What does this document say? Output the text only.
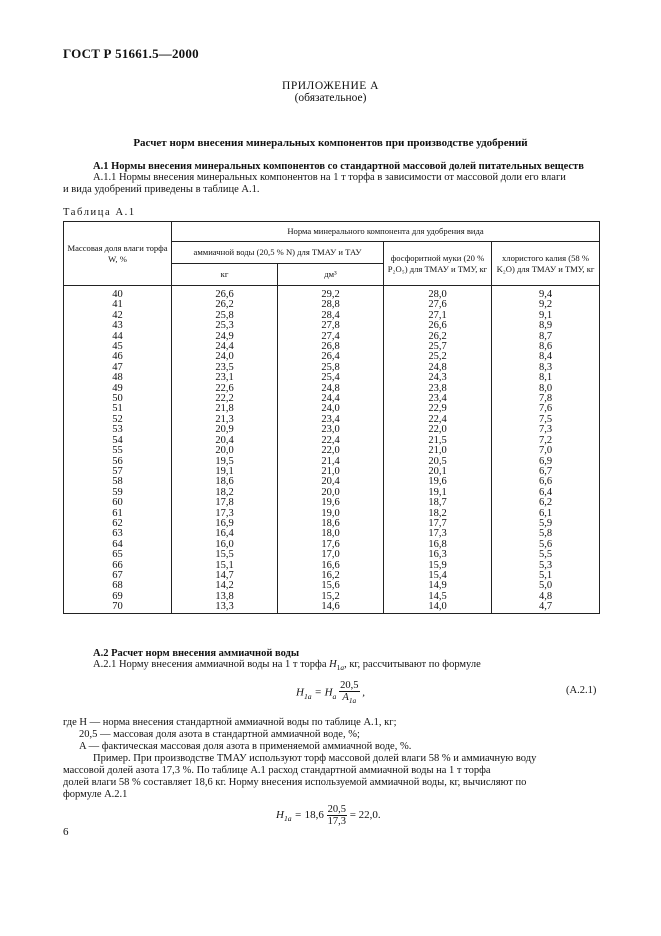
ГОСТ Р 51661.5—2000
ПРИЛОЖЕНИЕ А
(обязательное)
Расчет норм внесения минеральных компонентов при производстве удобрений
А.1 Нормы внесения минеральных компонентов со стандартной массовой долей питательных веществ
А.1.1 Нормы внесения минеральных компонентов на 1 т торфа в зависимости от массовой доли его влаги
и вида удобрений приведены в таблице А.1.
Таблица А.1
Массовая доля влаги торфа W, %	Норма минерального компонента для удобрения вида			
	аммиачной воды (20,5 % N) для ТМАУ и ТАУ		фосфоритной муки (20 % P₂O₅) для ТМАУ и ТМУ, кг	хлористого калия (58 % K₂O) для ТМАУ и ТМУ, кг
	кг	дм³		
40	26,6	29,2	28,0	9,4
41	26,2	28,8	27,6	9,2
42	25,8	28,4	27,1	9,1
43	25,3	27,8	26,6	8,9
44	24,9	27,4	26,2	8,7
45	24,4	26,8	25,7	8,6
46	24,0	26,4	25,2	8,4
47	23,5	25,8	24,8	8,3
48	23,1	25,4	24,3	8,1
49	22,6	24,8	23,8	8,0
50	22,2	24,4	23,4	7,8
51	21,8	24,0	22,9	7,6
52	21,3	23,4	22,4	7,5
53	20,9	23,0	22,0	7,3
54	20,4	22,4	21,5	7,2
55	20,0	22,0	21,0	7,0
56	19,5	21,4	20,5	6,9
57	19,1	21,0	20,1	6,7
58	18,6	20,4	19,6	6,6
59	18,2	20,0	19,1	6,4
60	17,8	19,6	18,7	6,2
61	17,3	19,0	18,2	6,1
62	16,9	18,6	17,7	5,9
63	16,4	18,0	17,3	5,8
64	16,0	17,6	16,8	5,6
65	15,5	17,0	16,3	5,5
66	15,1	16,6	15,9	5,3
67	14,7	16,2	15,4	5,1
68	14,2	15,6	14,9	5,0
69	13,8	15,2	14,5	4,8
70	13,3	14,6	14,0	4,7
А.2 Расчет норм внесения аммиачной воды
А.2.1 Норму внесения аммиачной воды на 1 т торфа $H_{1a}$, кг, рассчитывают по формуле
$H_{1a} = H_a \frac{20,5}{A_{1a}}$ ,	(А.2.1)
где H — норма внесения стандартной аммиачной воды по таблице А.1, кг;
20,5 — массовая доля азота в стандартной аммиачной воде, %;
A — фактическая массовая доля азота в применяемой аммиачной воде, %.
Пример. При производстве ТМАУ используют торф массовой долей влаги 58 % и аммиачную воду
массовой долей азота 17,3 %. По таблице А.1 расход стандартной аммиачной воды на 1 т торфа
долей влаги 58 % составляет 18,6 кг. Норму внесения используемой аммиачной воды, кг, вычисляют по
формуле А.2.1
$H_{1a} = 18,6 \frac{20,5}{17,3} = 22,0$.
6
